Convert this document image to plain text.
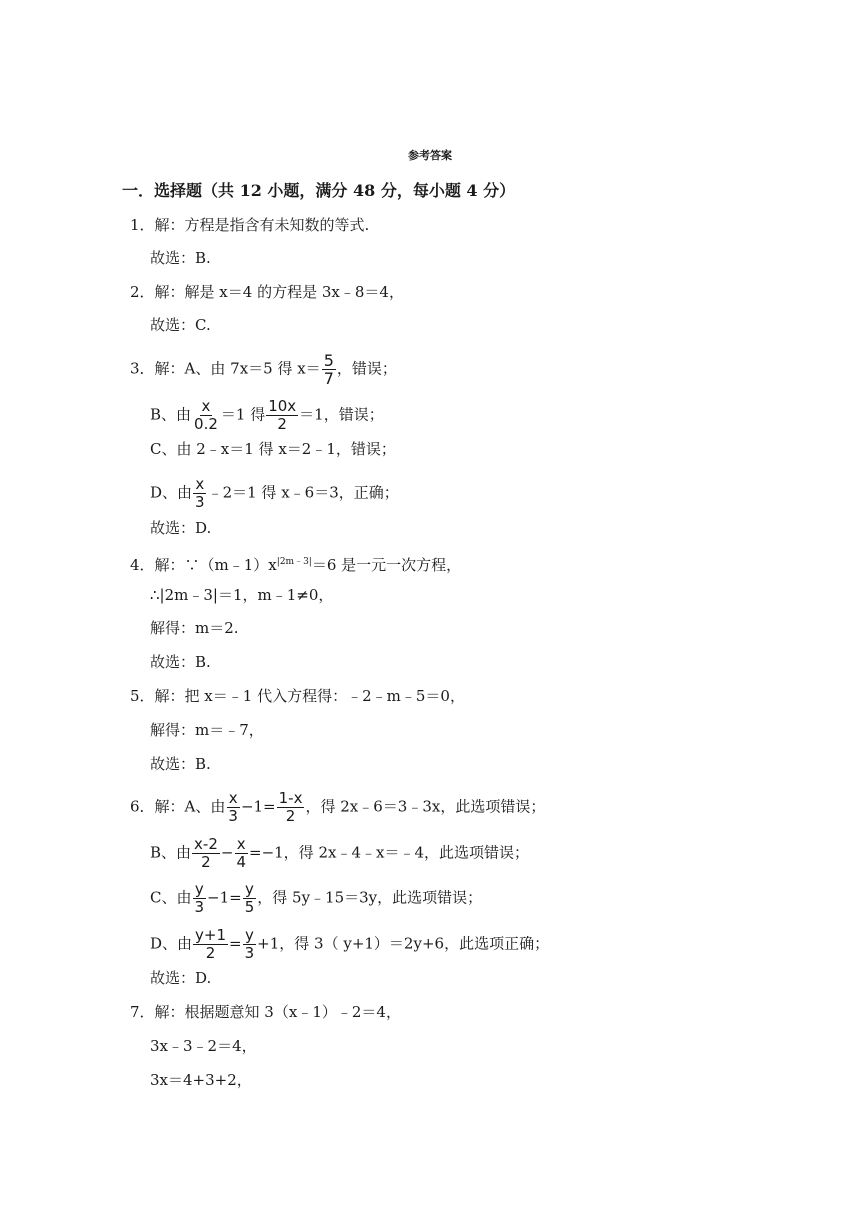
参考答案
一．选择题（共 12 小题，满分 48 分，每小题 4 分）
1．解：方程是指含有未知数的等式.
故选：B.
2．解：解是 x＝4 的方程是 3x﹣8＝4，
故选：C.
3．解：A、由 7x＝5 得 $x= \frac{5}{7}$ ，错误；
B、由 $\frac{x}{0.2} =1$ 得 $\frac{10x}{2} =1$，错误；
C、由 2﹣x＝1 得 x＝2﹣1，错误；
D、由 $\frac{x}{3}$ ﹣2＝1 得 x﹣6＝3，正确；
故选：D.
4．解：$\because(m﹣1)x^{|2m﹣3|}=6$ 是一元一次方程，
∴|2m﹣3|＝1，m﹣1≠0，
解得：m＝2.
故选：B.
5．解：把 x＝﹣1 代入方程得：﹣2﹣m﹣5＝0，
解得：m＝﹣7，
故选：B.
6．解：A、由 $\frac{x}{3} -1= \frac{1-x}{2}$ ，得 2x﹣6＝3﹣3x，此选项错误；
B、由 $\frac{x-2}{2} - \frac{x}{4} =-1$，得 2x﹣4﹣x＝﹣4，此选项错误；
C、由 $\frac{y}{3} -1= \frac{y}{5}$ ，得 5y﹣15＝3y，此选项错误；
D、由 $\frac{y+1}{2} = \frac{y}{3} +1$，得 3（ y+1）＝2y+6，此选项正确；
故选：D.
7．解：根据题意知 3（x﹣1）﹣2＝4，
3x﹣3﹣2＝4，
3x＝4+3+2，
